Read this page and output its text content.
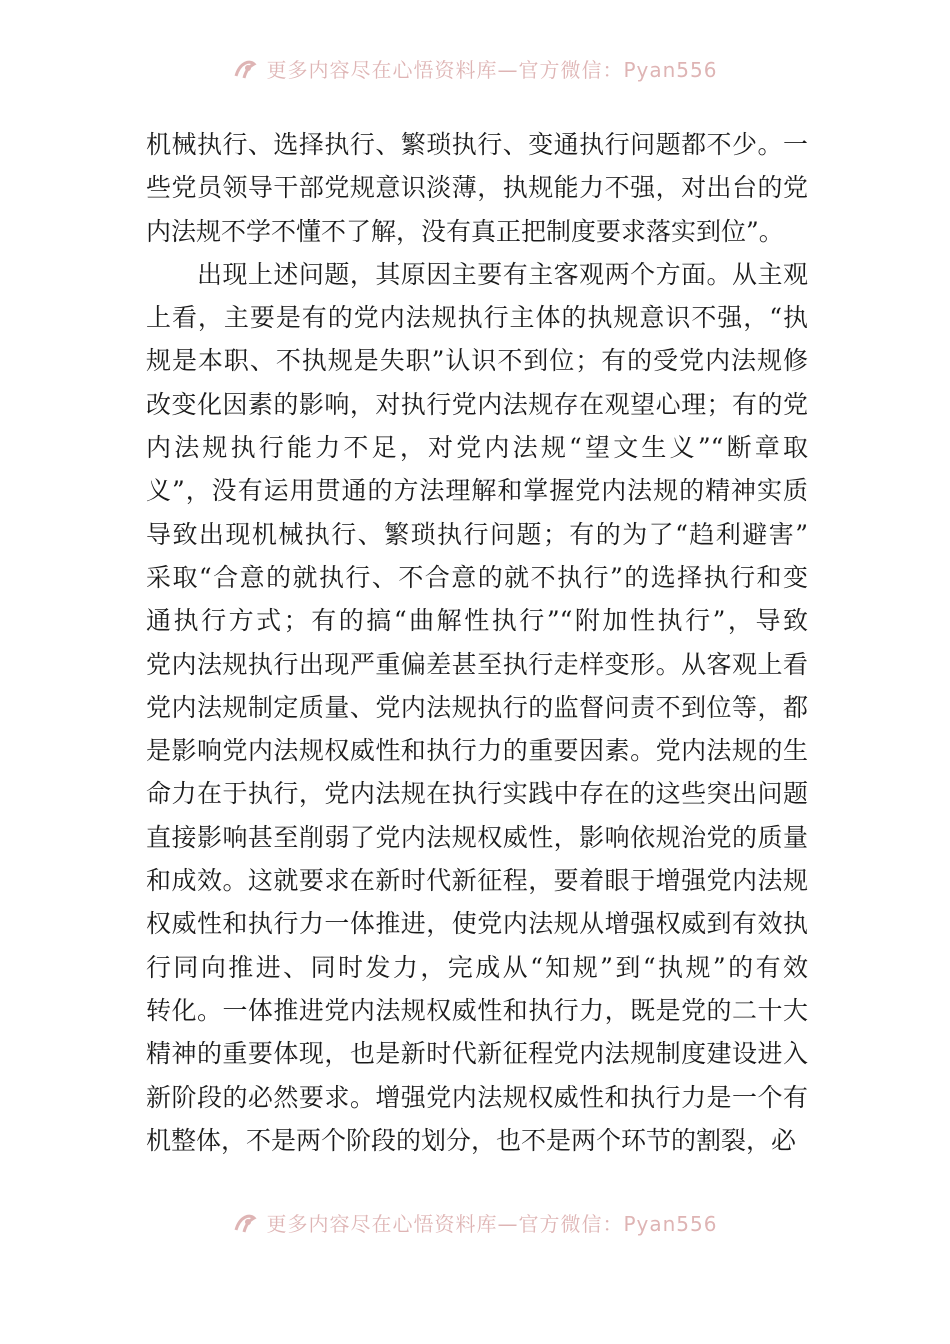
更多内容尽在心悟资料库—官方微信：Pyan556
机械执行、选择执行、繁琐执行、变通执行问题都不少。一
些党员领导干部党规意识淡薄，执规能力不强，对出台的党
内法规不学不懂不了解，没有真正把制度要求落实到位”。
　　出现上述问题，其原因主要有主客观两个方面。从主观
上看，主要是有的党内法规执行主体的执规意识不强，“执
规是本职、不执规是失职”认识不到位；有的受党内法规修
改变化因素的影响，对执行党内法规存在观望心理；有的党
内法规执行能力不足，对党内法规“望文生义”“断章取
义”，没有运用贯通的方法理解和掌握党内法规的精神实质
导致出现机械执行、繁琐执行问题；有的为了“趋利避害”
采取“合意的就执行、不合意的就不执行”的选择执行和变
通执行方式；有的搞“曲解性执行”“附加性执行”，导致
党内法规执行出现严重偏差甚至执行走样变形。从客观上看
党内法规制定质量、党内法规执行的监督问责不到位等，都
是影响党内法规权威性和执行力的重要因素。党内法规的生
命力在于执行，党内法规在执行实践中存在的这些突出问题
直接影响甚至削弱了党内法规权威性，影响依规治党的质量
和成效。这就要求在新时代新征程，要着眼于增强党内法规
权威性和执行力一体推进，使党内法规从增强权威到有效执
行同向推进、同时发力，完成从“知规”到“执规”的有效
转化。一体推进党内法规权威性和执行力，既是党的二十大
精神的重要体现，也是新时代新征程党内法规制度建设进入
新阶段的必然要求。增强党内法规权威性和执行力是一个有
机整体，不是两个阶段的划分，也不是两个环节的割裂，必
更多内容尽在心悟资料库—官方微信：Pyan556
